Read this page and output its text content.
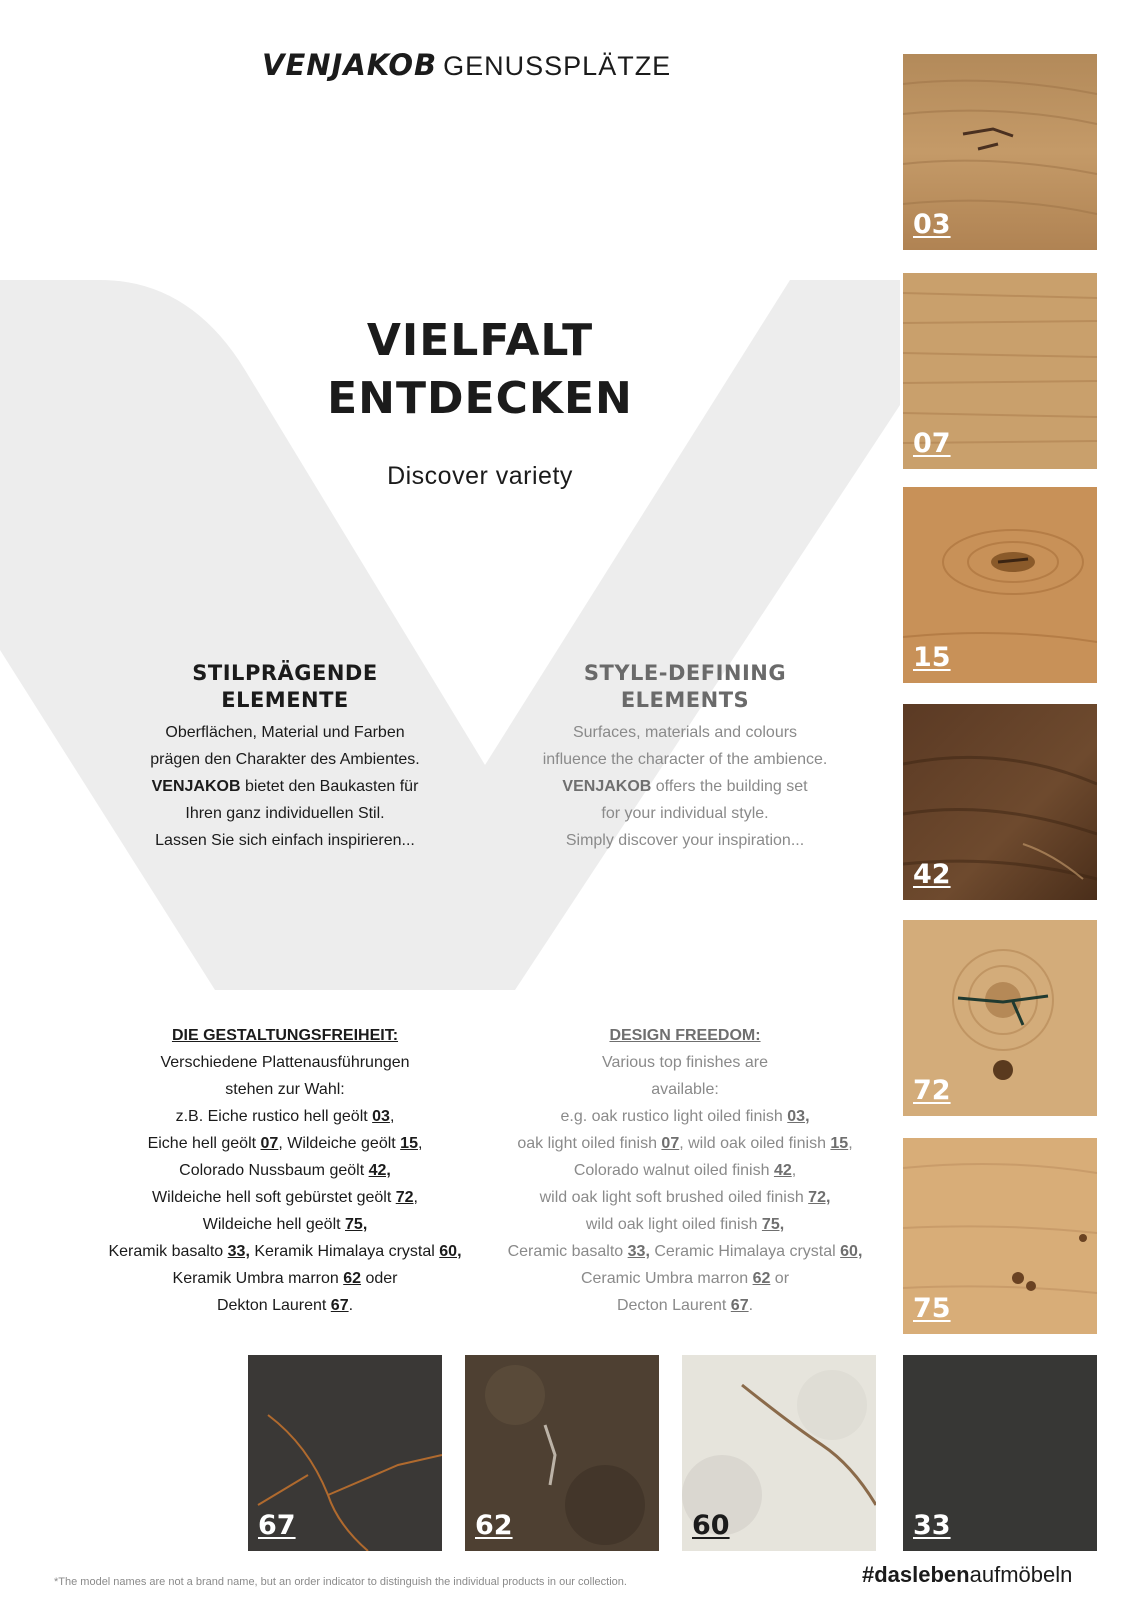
VENJAKOB GENUSSPLÄTZE
VIELFALT
ENTDECKEN
Discover variety
STILPRÄGENDE
ELEMENTE
Oberflächen, Material und Farben
prägen den Charakter des Ambientes.
VENJAKOB bietet den Baukasten für
Ihren ganz individuellen Stil.
Lassen Sie sich einfach inspirieren...
STYLE-DEFINING
ELEMENTS
Surfaces, materials and colours
influence the character of the ambience.
VENJAKOB offers the building set
for your individual style.
Simply discover your inspiration...
DIE GESTALTUNGSFREIHEIT:
Verschiedene Plattenausführungen
stehen zur Wahl:
z.B. Eiche rustico hell geölt 03,
Eiche hell geölt 07, Wildeiche geölt 15,
Colorado Nussbaum geölt 42,
Wildeiche hell soft gebürstet geölt 72,
Wildeiche hell geölt 75,
Keramik basalto 33, Keramik Himalaya crystal 60,
Keramik Umbra marron 62 oder
Dekton Laurent 67.
DESIGN FREEDOM:
Various top finishes are
available:
e.g. oak rustico light oiled finish 03,
oak light oiled finish 07, wild oak oiled finish 15,
Colorado walnut oiled finish 42,
wild oak light soft brushed oiled finish 72,
wild oak light oiled finish 75,
Ceramic basalto 33, Ceramic Himalaya crystal 60,
Ceramic Umbra marron 62 or
Decton Laurent 67.
03
07
15
42
72
75
67	62	60	33
*The model names are not a brand name, but an order indicator to distinguish the individual products in our collection.	#daslebenaufmöbeln
